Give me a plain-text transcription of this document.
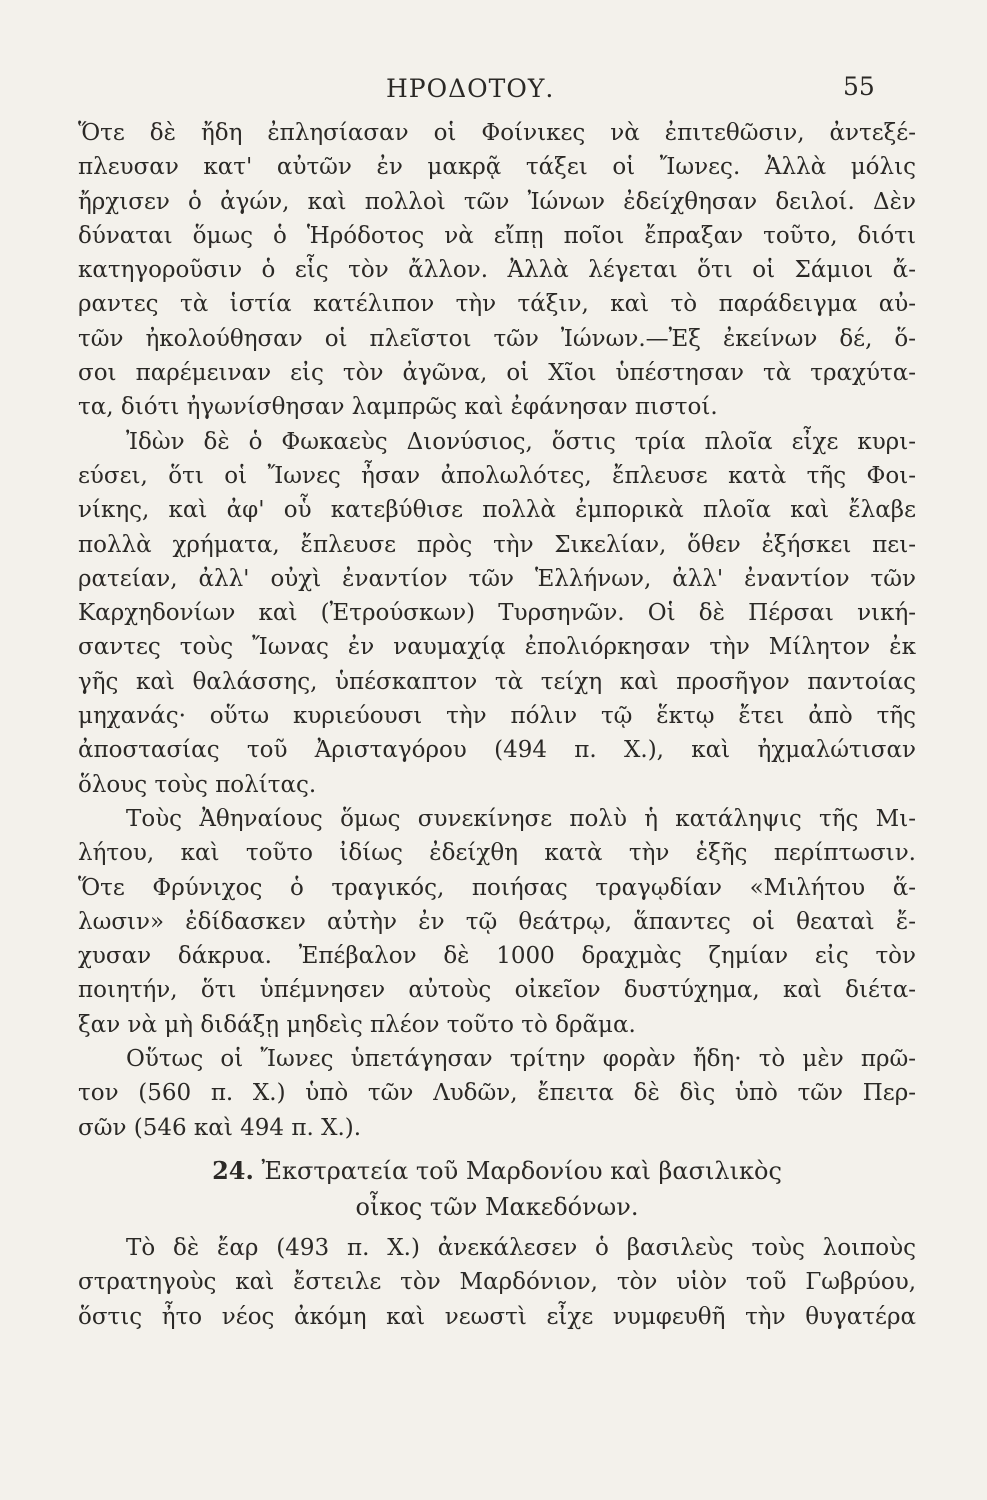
ΗΡΟΔΟΤΟΥ.	55
Ὅτε δὲ ἤδη ἐπλησίασαν οἱ Φοίνικες νὰ ἐπιτεθῶσιν, ἀντεξέ-
πλευσαν κατ' αὐτῶν ἐν μακρᾷ τάξει οἱ Ἴωνες. Ἀλλὰ μόλις
ἤρχισεν ὁ ἀγών, καὶ πολλοὶ τῶν Ἰώνων ἐδείχθησαν δειλοί. Δὲν
δύναται ὅμως ὁ Ἡρόδοτος νὰ εἴπῃ ποῖοι ἔπραξαν τοῦτο, διότι
κατηγοροῦσιν ὁ εἷς τὸν ἄλλον. Ἀλλὰ λέγεται ὅτι οἱ Σάμιοι ἄ-
ραντες τὰ ἱστία κατέλιπον τὴν τάξιν, καὶ τὸ παράδειγμα αὐ-
τῶν ἠκολούθησαν οἱ πλεῖστοι τῶν Ἰώνων.—Ἐξ ἐκείνων δέ, ὅ-
σοι παρέμειναν εἰς τὸν ἀγῶνα, οἱ Χῖοι ὑπέστησαν τὰ τραχύτα-
τα, διότι ἠγωνίσθησαν λαμπρῶς καὶ ἐφάνησαν πιστοί.
Ἰδὼν δὲ ὁ Φωκαεὺς Διονύσιος, ὅστις τρία πλοῖα εἶχε κυρι-
εύσει, ὅτι οἱ Ἴωνες ἦσαν ἀπολωλότες, ἔπλευσε κατὰ τῆς Φοι-
νίκης, καὶ ἀφ' οὗ κατεβύθισε πολλὰ ἐμπορικὰ πλοῖα καὶ ἔλαβε
πολλὰ χρήματα, ἔπλευσε πρὸς τὴν Σικελίαν, ὅθεν ἐξήσκει πει-
ρατείαν, ἀλλ' οὐχὶ ἐναντίον τῶν Ἑλλήνων, ἀλλ' ἐναντίον τῶν
Καρχηδονίων καὶ (Ἐτρούσκων) Τυρσηνῶν. Οἱ δὲ Πέρσαι νική-
σαντες τοὺς Ἴωνας ἐν ναυμαχίᾳ ἐπολιόρκησαν τὴν Μίλητον ἐκ
γῆς καὶ θαλάσσης, ὑπέσκαπτον τὰ τείχη καὶ προσῆγον παντοίας
μηχανάς· οὕτω κυριεύουσι τὴν πόλιν τῷ ἕκτῳ ἔτει ἀπὸ τῆς
ἀποστασίας τοῦ Ἀρισταγόρου (494 π. Χ.), καὶ ἠχμαλώτισαν
ὅλους τοὺς πολίτας.
Τοὺς Ἀθηναίους ὅμως συνεκίνησε πολὺ ἡ κατάληψις τῆς Μι-
λήτου, καὶ τοῦτο ἰδίως ἐδείχθη κατὰ τὴν ἑξῆς περίπτωσιν.
Ὅτε Φρύνιχος ὁ τραγικός, ποιήσας τραγῳδίαν «Μιλήτου ἅ-
λωσιν» ἐδίδασκεν αὐτὴν ἐν τῷ θεάτρῳ, ἅπαντες οἱ θεαταὶ ἔ-
χυσαν δάκρυα. Ἐπέβαλον δὲ 1000 δραχμὰς ζημίαν εἰς τὸν
ποιητήν, ὅτι ὑπέμνησεν αὐτοὺς οἰκεῖον δυστύχημα, καὶ διέτα-
ξαν νὰ μὴ διδάξῃ μηδεὶς πλέον τοῦτο τὸ δρᾶμα.
Οὕτως οἱ Ἴωνες ὑπετάγησαν τρίτην φορὰν ἤδη· τὸ μὲν πρῶ-
τον (560 π. Χ.) ὑπὸ τῶν Λυδῶν, ἔπειτα δὲ δὶς ὑπὸ τῶν Περ-
σῶν (546 καὶ 494 π. Χ.).
24. Ἐκστρατεία τοῦ Μαρδονίου καὶ βασιλικὸς
οἶκος τῶν Μακεδόνων.
Τὸ δὲ ἔαρ (493 π. Χ.) ἀνεκάλεσεν ὁ βασιλεὺς τοὺς λοιποὺς
στρατηγοὺς καὶ ἔστειλε τὸν Μαρδόνιον, τὸν υἱὸν τοῦ Γωβρύου,
ὅστις ἦτο νέος ἀκόμη καὶ νεωστὶ εἶχε νυμφευθῆ τὴν θυγατέρα
